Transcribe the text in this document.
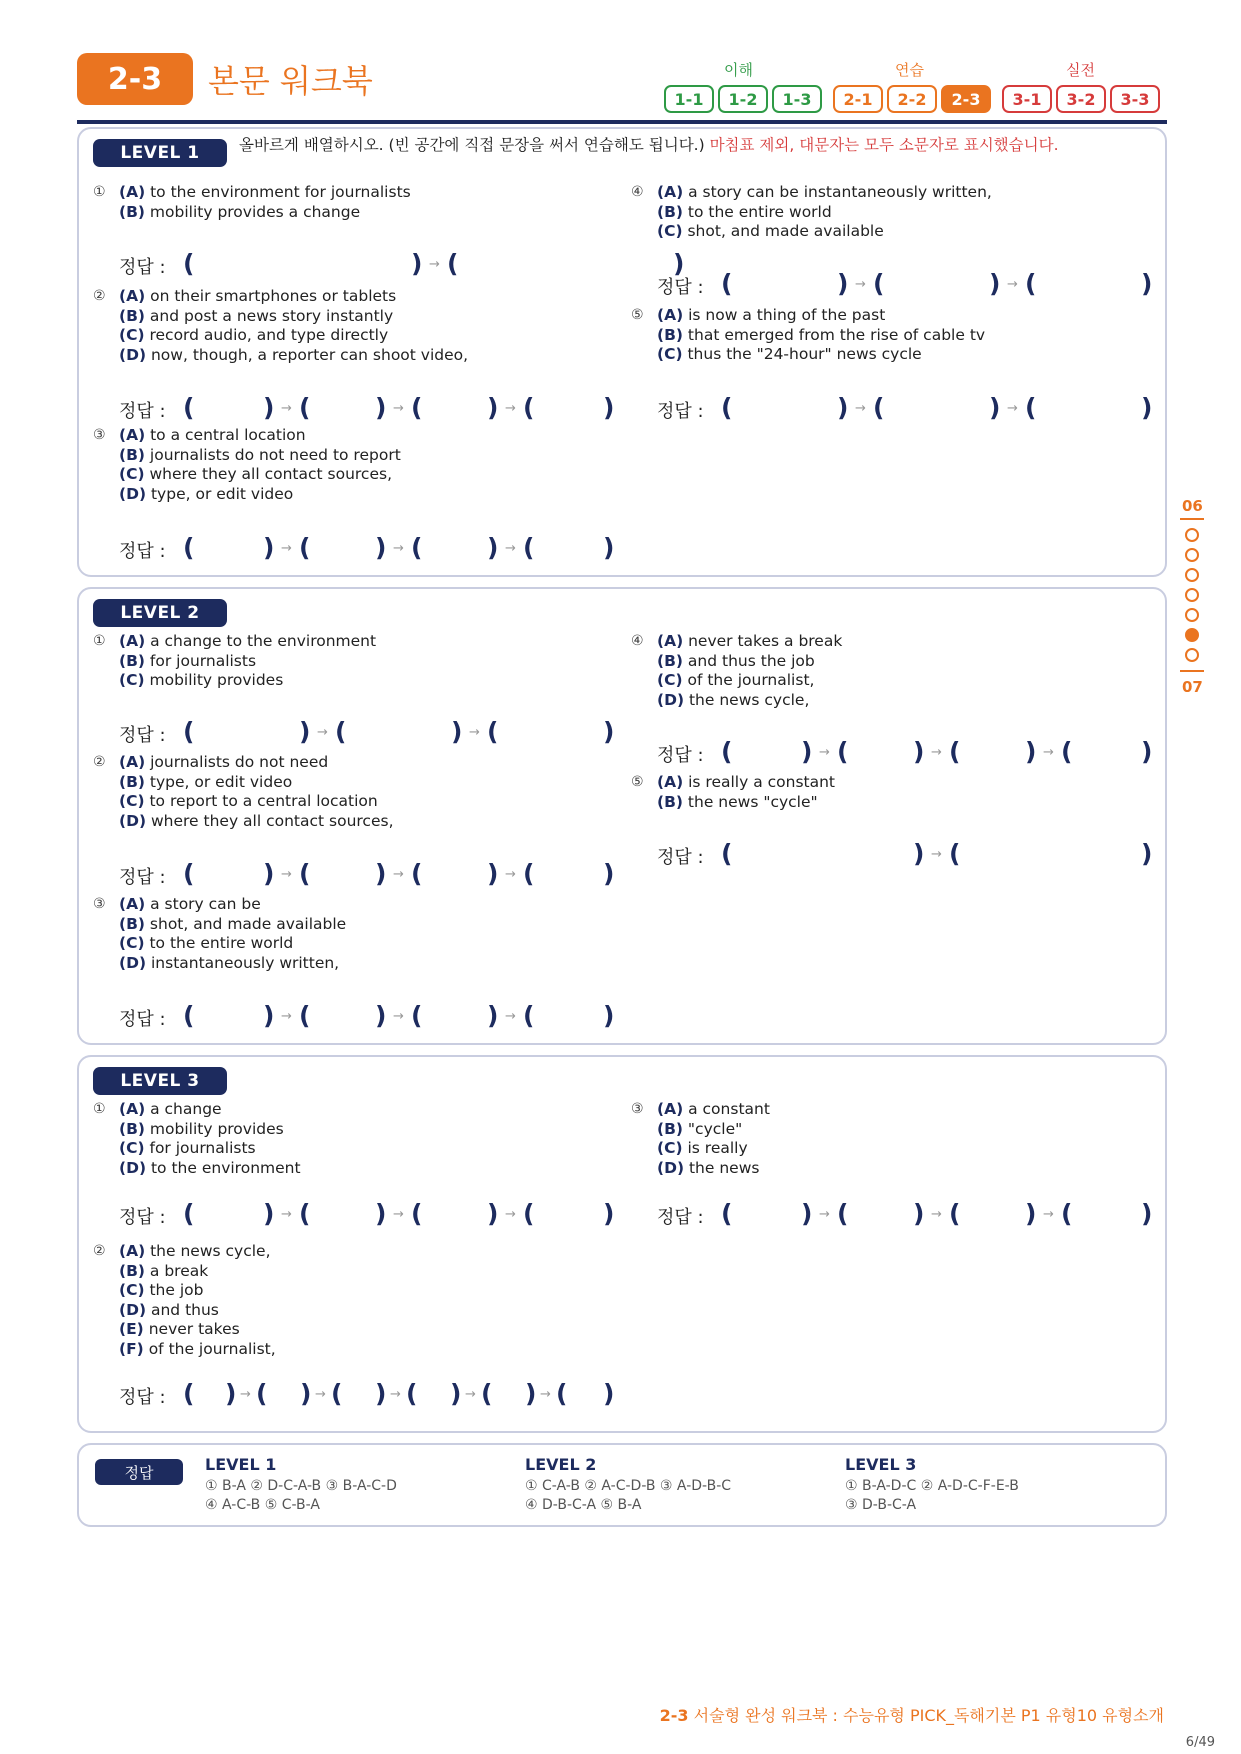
2-3	본문 워크북	이해	연습	실전
1-1	1-2	1-3	2-1	2-2	2-3	3-1	3-2	3-3
LEVEL 1	올바르게 배열하시오. (빈 공간에 직접 문장을 써서 연습해도 됩니다.) 마침표 제외, 대문자는 모두 소문자로 표시했습니다.
① (A) to the environment for journalists
(B) mobility provides a change
정답 : (	) → (	)
② (A) on their smartphones or tablets
(B) and post a news story instantly
(C) record audio, and type directly
(D) now, though, a reporter can shoot video,
정답 : (	) → (	) → (	) → (	)
③ (A) to a central location
(B) journalists do not need to report
(C) where they all contact sources,
(D) type, or edit video
정답 : (	) → (	) → (	) → (	)
④ (A) a story can be instantaneously written,
(B) to the entire world
(C) shot, and made available
정답 : (	) → (	) → (	)
⑤ (A) is now a thing of the past
(B) that emerged from the rise of cable tv
(C) thus the "24-hour" news cycle
정답 : (	) → (	) → (	)
LEVEL 2
① (A) a change to the environment
(B) for journalists
(C) mobility provides
정답 : (	) → (	) → (	)
② (A) journalists do not need
(B) type, or edit video
(C) to report to a central location
(D) where they all contact sources,
정답 : (	) → (	) → (	) → (	)
③ (A) a story can be
(B) shot, and made available
(C) to the entire world
(D) instantaneously written,
정답 : (	) → (	) → (	) → (	)
④ (A) never takes a break
(B) and thus the job
(C) of the journalist,
(D) the news cycle,
정답 : (	) → (	) → (	) → (	)
⑤ (A) is really a constant
(B) the news "cycle"
정답 : (	) → (	)
LEVEL 3
① (A) a change
(B) mobility provides
(C) for journalists
(D) to the environment
정답 : (	) → (	) → (	) → (	)
② (A) the news cycle,
(B) a break
(C) the job
(D) and thus
(E) never takes
(F) of the journalist,
정답 : ( ) → ( ) → ( ) → ( ) → ( ) → ( )
③ (A) a constant
(B) "cycle"
(C) is really
(D) the news
정답 : (	) → (	) → (	) → (	)
정답	LEVEL 1
① B-A ② D-C-A-B ③ B-A-C-D
④ A-C-B ⑤ C-B-A
LEVEL 2
① C-A-B ② A-C-D-B ③ A-D-B-C
④ D-B-C-A ⑤ B-A
LEVEL 3
① B-A-D-C ② A-D-C-F-E-B
③ D-B-C-A
06
07
2-3 서술형 완성 워크북 : 수능유형 PICK_독해기본 P1 유형10 유형소개
6/49
